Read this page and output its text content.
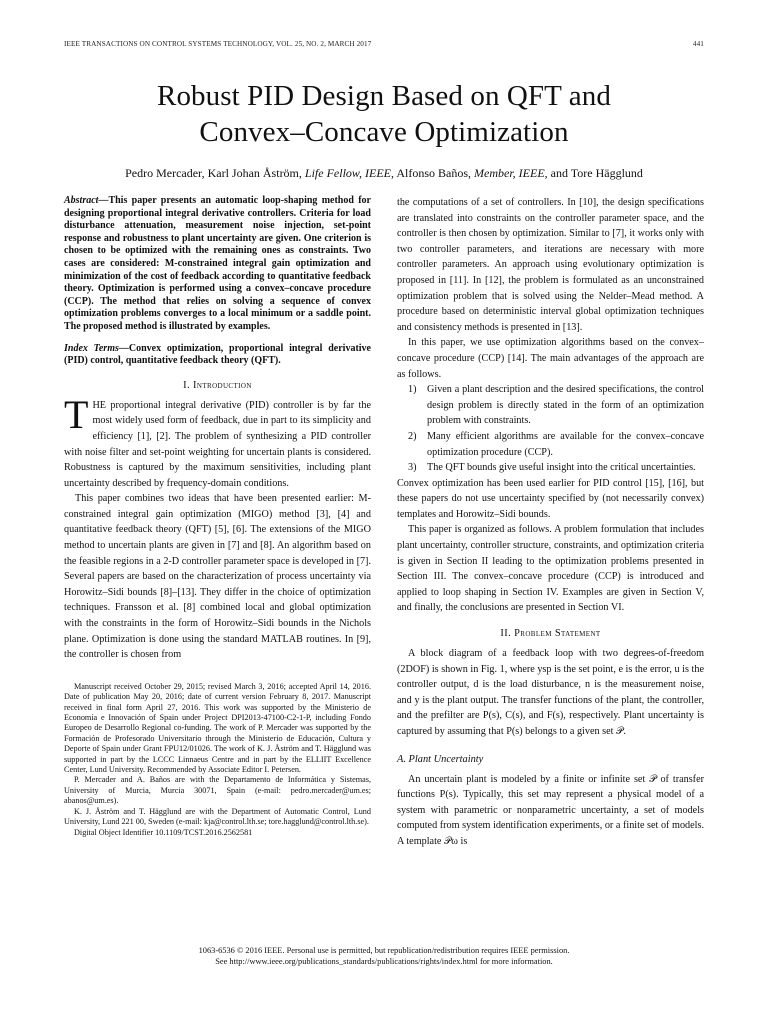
IEEE TRANSACTIONS ON CONTROL SYSTEMS TECHNOLOGY, VOL. 25, NO. 2, MARCH 2017	441
Robust PID Design Based on QFT and
Convex–Concave Optimization
Pedro Mercader, Karl Johan Åström, Life Fellow, IEEE, Alfonso Baños, Member, IEEE, and Tore Hägglund

Abstract—This paper presents an automatic loop-shaping method for designing proportional integral derivative controllers. Criteria for load disturbance attenuation, measurement noise injection, set-point response and robustness to plant uncertainty are given. One criterion is chosen to be optimized with the remaining ones as constraints. Two cases are considered: M-constrained integral gain optimization and minimization of the cost of feedback according to quantitative feedback theory. Optimization is performed using a convex–concave procedure (CCP). The method that relies on solving a sequence of convex optimization problems converges to a local minimum or a saddle point. The proposed method is illustrated by examples.

Index Terms—Convex optimization, proportional integral derivative (PID) control, quantitative feedback theory (QFT).

I. Introduction

THE proportional integral derivative (PID) controller is by far the most widely used form of feedback, due in part to its simplicity and efficiency [1], [2]. The problem of synthesizing a PID controller with noise filter and set-point weighting for uncertain plants is considered. Robustness is captured by the maximum sensitivities, including plant uncertainty described by frequency-domain conditions.

This paper combines two ideas that have been presented earlier: M-constrained integral gain optimization (MIGO) method [3], [4] and quantitative feedback theory (QFT) [5], [6]. The extensions of the MIGO method to uncertain plants are given in [7] and [8]. An algorithm based on the feasible regions in a 2-D controller parameter space is developed in [7]. Several papers are based on the characterization of process uncertainty via Horowitz–Sidi bounds [8]–[13]. They differ in the choice of optimization techniques. Fransson et al. [8] combined local and global optimization with the constraints in the form of Horowitz–Sidi bounds in the Nichols plane. Optimization is done using the standard MATLAB routines. In [9], the controller is chosen from

Manuscript received October 29, 2015; revised March 3, 2016; accepted April 14, 2016. Date of publication May 20, 2016; date of current version February 8, 2017. Manuscript received in final form April 27, 2016. This work was supported by the Ministerio de Economía e Innovación of Spain under Project DPI2013-47100-C2-1-P, including Fondo Europeo de Desarrollo Regional co-funding. The work of P. Mercader was supported by the Formación de Profesorado Universitario through the Ministerio de Educación, Cultura y Deporte of Spain under Grant FPU12/01026. The work of K. J. Åström and T. Hägglund was supported in part by the LCCC Linnaeus Centre and in part by the ELLIIT Excellence Center, Lund University. Recommended by Associate Editor I. Petersen.

P. Mercader and A. Baños are with the Departamento de Informática y Sistemas, University of Murcia, Murcia 30071, Spain (e-mail: pedro.mercader@um.es; abanos@um.es).

K. J. Åström and T. Hägglund are with the Department of Automatic Control, Lund University, Lund 221 00, Sweden (e-mail: kja@control.lth.se; tore.hagglund@control.lth.se).

Digital Object Identifier 10.1109/TCST.2016.2562581

the computations of a set of controllers. In [10], the design specifications are translated into constraints on the controller parameter space, and the controller is then chosen by optimization. Similar to [7], it works only with two controller parameters, and iterations are necessary with more controller parameters. An approach using evolutionary optimization is proposed in [11]. In [12], the problem is formulated as an unconstrained optimization problem that is solved using the Nelder–Mead method. A procedure based on deterministic interval global optimization techniques and consistency methods is presented in [13].

In this paper, we use optimization algorithms based on the convex–concave procedure (CCP) [14]. The main advantages of the approach are as follows.

1)	Given a plant description and the desired specifications, the control design problem is directly stated in the form of an optimization problem with constraints.
2)	Many efficient algorithms are available for the convex–concave optimization procedure (CCP).
3)	The QFT bounds give useful insight into the critical uncertainties.

Convex optimization has been used earlier for PID control [15], [16], but these papers do not use uncertainty specified by (not necessarily convex) templates and Horowitz–Sidi bounds.

This paper is organized as follows. A problem formulation that includes plant uncertainty, controller structure, constraints, and optimization criteria is given in Section II leading to the optimization problems presented in Section III. The convex–concave procedure (CCP) is introduced and applied to loop shaping in Section IV. Examples are given in Section V, and finally, the conclusions are presented in Section VI.

II. Problem Statement

A block diagram of a feedback loop with two degrees-of-freedom (2DOF) is shown in Fig. 1, where ysp is the set point, e is the error, u is the controller output, d is the load disturbance, n is the measurement noise, and y is the plant output. The transfer functions of the plant, the controller, and the prefilter are P(s), C(s), and F(s), respectively. Plant uncertainty is captured by assuming that P(s) belongs to a given set 𝒫.

A. Plant Uncertainty

An uncertain plant is modeled by a finite or infinite set 𝒫 of transfer functions P(s). Typically, this set may represent a physical model of a system with parametric or nonparametric uncertainty, a set of models computed from system identification experiments, or a finite set of models. A template 𝒫ω is

1063-6536 © 2016 IEEE. Personal use is permitted, but republication/redistribution requires IEEE permission.
See http://www.ieee.org/publications_standards/publications/rights/index.html for more information.
